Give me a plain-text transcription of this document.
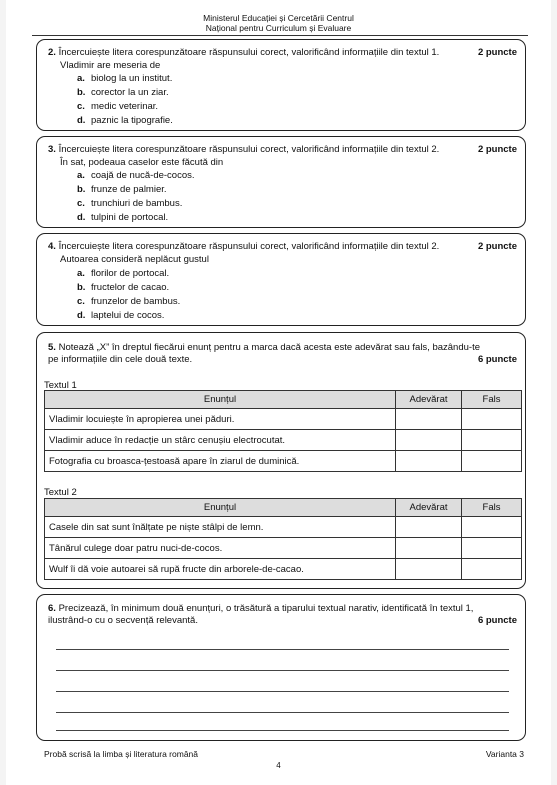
Ministerul Educației și Cercetării Centrul
Național pentru Curriculum și Evaluare
2. Încercuiește litera corespunzătoare răspunsului corect, valorificând informațiile din textul 1.	2 puncte
Vladimir are meseria de
a. biolog la un institut.
b. corector la un ziar.
c. medic veterinar.
d. paznic la tipografie.
3. Încercuiește litera corespunzătoare răspunsului corect, valorificând informațiile din textul 2.	2 puncte
În sat, podeaua caselor este făcută din
a. coajă de nucă-de-cocos.
b. frunze de palmier.
c. trunchiuri de bambus.
d. tulpini de portocal.
4. Încercuiește litera corespunzătoare răspunsului corect, valorificând informațiile din textul 2.	2 puncte
Autoarea consideră neplăcut gustul
a. florilor de portocal.
b. fructelor de cacao.
c. frunzelor de bambus.
d. laptelui de cocos.
5. Notează „X” în dreptul fiecărui enunț pentru a marca dacă acesta este adevărat sau fals, bazându-te
pe informațiile din cele două texte.	6 puncte
Textul 1
Enunțul	Adevărat	Fals
Vladimir locuiește în apropierea unei păduri.		
Vladimir aduce în redacție un stârc cenușiu electrocutat.		
Fotografia cu broasca-țestoasă apare în ziarul de duminică.		
Textul 2
Enunțul	Adevărat	Fals
Casele din sat sunt înălțate pe niște stâlpi de lemn.		
Tânărul culege doar patru nuci-de-cocos.		
Wulf îi dă voie autoarei să rupă fructe din arborele-de-cacao.		
6. Precizează, în minimum două enunțuri, o trăsătură a tiparului textual narativ, identificată în textul 1,
ilustrând-o cu o secvență relevantă.	6 puncte
Probă scrisă la limba și literatura română	Varianta 3
4
